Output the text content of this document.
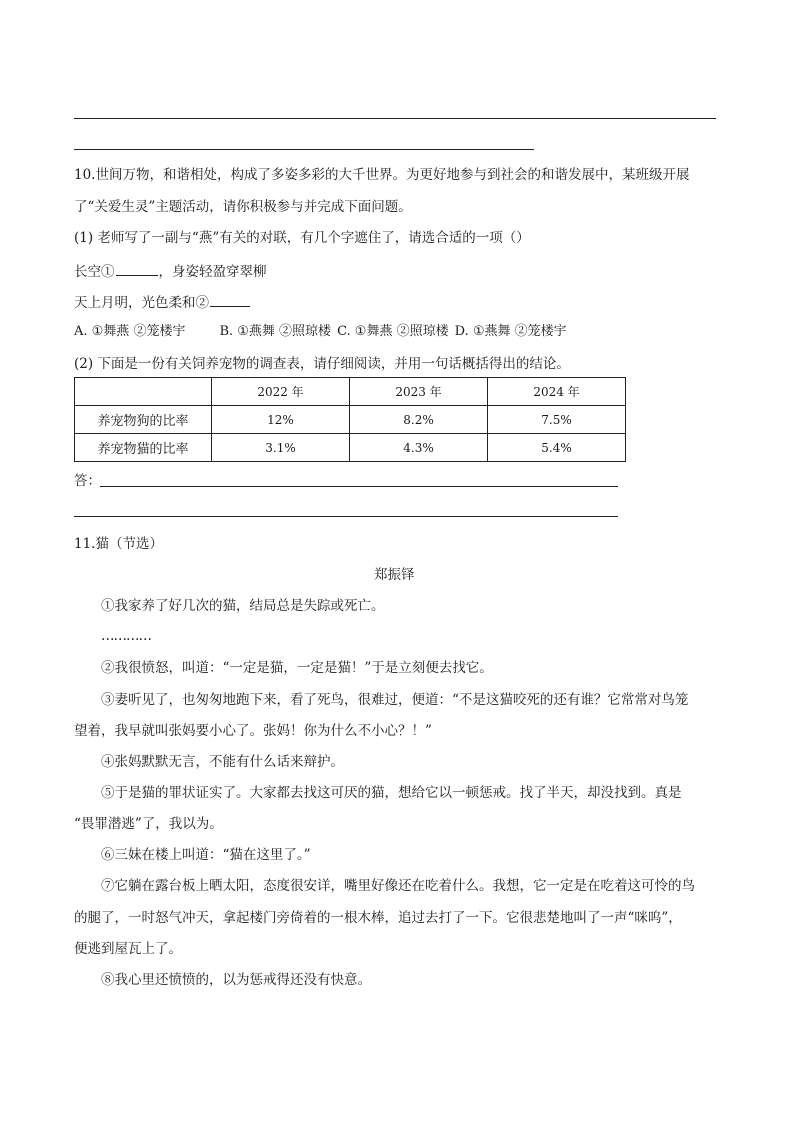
10.世间万物，和谐相处，构成了多姿多彩的大千世界。为更好地参与到社会的和谐发展中，某班级开展
了“关爱生灵”主题活动，请你积极参与并完成下面问题。
(1) 老师写了一副与“燕”有关的对联，有几个字遮住了，请选合适的一项（）
长空①	，身姿轻盈穿翠柳
天上月明，光色柔和②
A. ①舞燕 ②笼楼宇	B. ①燕舞 ②照琼楼 C. ①舞燕 ②照琼楼 D. ①燕舞 ②笼楼宇
(2) 下面是一份有关饲养宠物的调查表，请仔细阅读，并用一句话概括得出的结论。
	2022 年	2023 年	2024 年
养宠物狗的比率	12%	8.2%	7.5%
养宠物猫的比率	3.1%	4.3%	5.4%
答：
11.猫（节选）
郑振铎
①我家养了好几次的猫，结局总是失踪或死亡。
…………
②我很愤怒，叫道：“一定是猫，一定是猫！”于是立刻便去找它。
③妻听见了，也匆匆地跑下来，看了死鸟，很难过，便道：“不是这猫咬死的还有谁？它常常对鸟笼
望着，我早就叫张妈要小心了。张妈！你为什么不小心？！”
④张妈默默无言，不能有什么话来辩护。
⑤于是猫的罪状证实了。大家都去找这可厌的猫，想给它以一顿惩戒。找了半天，却没找到。真是
“畏罪潜逃”了，我以为。
⑥三妹在楼上叫道：“猫在这里了。”
⑦它躺在露台板上晒太阳，态度很安详，嘴里好像还在吃着什么。我想，它一定是在吃着这可怜的鸟
的腿了，一时怒气冲天，拿起楼门旁倚着的一根木棒，追过去打了一下。它很悲楚地叫了一声“咪呜”，
便逃到屋瓦上了。
⑧我心里还愤愤的，以为惩戒得还没有快意。
